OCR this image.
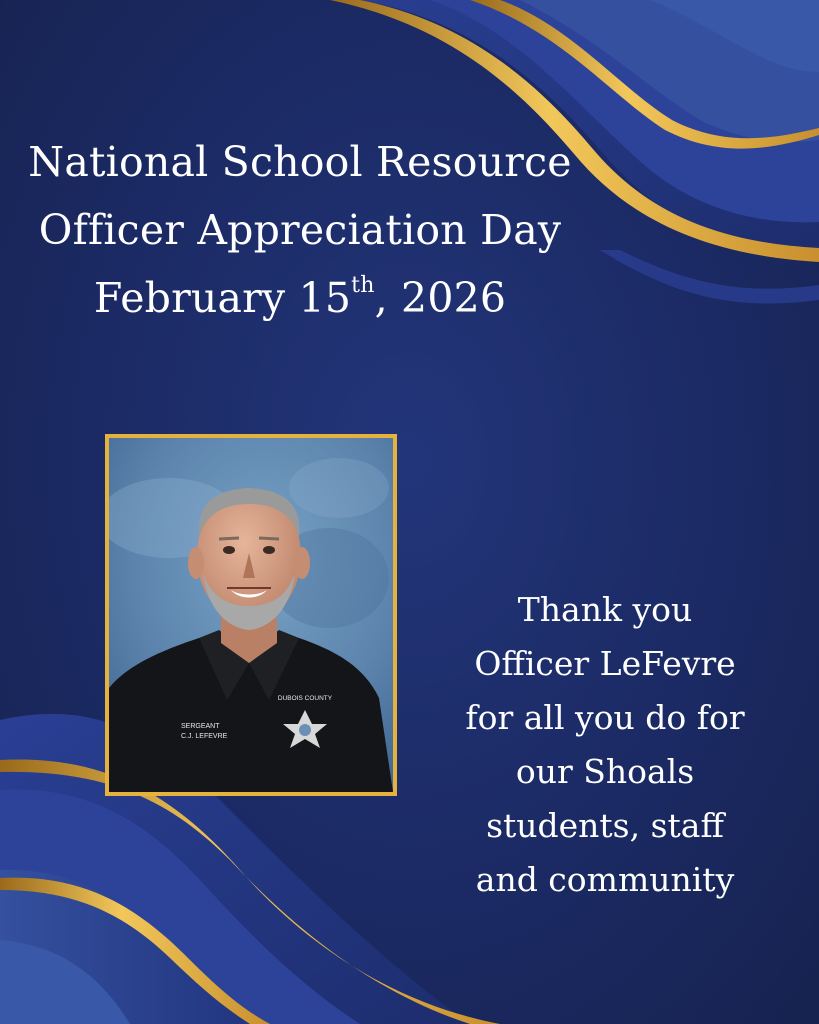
National School Resource
Officer Appreciation Day
February 15th, 2026
DUBOIS COUNTY
SERGEANT
C.J. LEFEVRE
Thank you
Officer LeFevre
for all you do for
our Shoals
students, staff
and community
